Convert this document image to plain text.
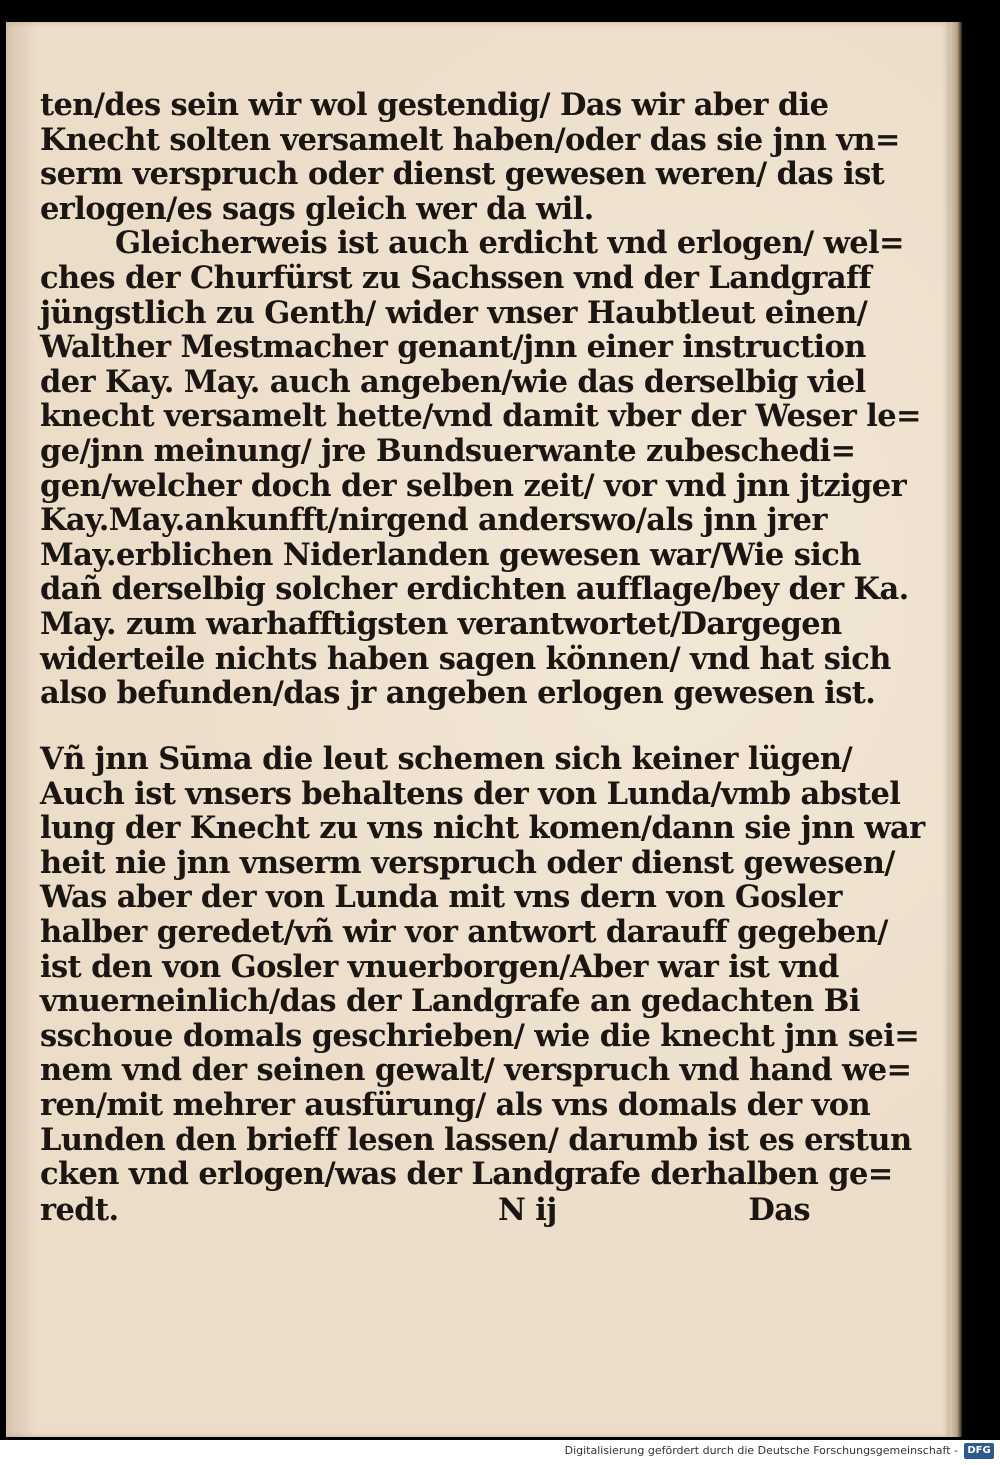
ten/des sein wir wol gestendig/ Das wir aber die
Knecht solten versamelt haben/oder das sie jnn vn=
serm verspruch oder dienst gewesen weren/ das ist
erlogen/es sags gleich wer da wil.
Gleicherweis ist auch erdicht vnd erlogen/ wel=
ches der Churfürst zu Sachssen vnd der Landgraff
jüngstlich zu Genth/ wider vnser Haubtleut einen/
Walther Mestmacher genant/jnn einer instruction
der Kay. May. auch angeben/wie das derselbig viel
knecht versamelt hette/vnd damit vber der Weser le=
ge/jnn meinung/ jre Bundsuerwante zubeschedi=
gen/welcher doch der selben zeit/ vor vnd jnn jtziger
Kay.May.ankunfft/nirgend anderswo/als jnn jrer
May.erblichen Niderlanden gewesen war/Wie sich
dañ derselbig solcher erdichten aufflage/bey der Ka.
May. zum warhafftigsten verantwortet/Dargegen
widerteile nichts haben sagen können/ vnd hat sich
also befunden/das jr angeben erlogen gewesen ist.
Vñ jnn Sūma die leut schemen sich keiner lügen/
Auch ist vnsers behaltens der von Lunda/vmb abstel
lung der Knecht zu vns nicht komen/dann sie jnn war
heit nie jnn vnserm verspruch oder dienst gewesen/
Was aber der von Lunda mit vns dern von Gosler
halber geredet/vñ wir vor antwort darauff gegeben/
ist den von Gosler vnuerborgen/Aber war ist vnd
vnuerneinlich/das der Landgrafe an gedachten Bi
sschoue domals geschrieben/ wie die knecht jnn sei=
nem vnd der seinen gewalt/ verspruch vnd hand we=
ren/mit mehrer ausfürung/ als vns domals der von
Lunden den brieff lesen lassen/ darumb ist es erstun
cken vnd erlogen/was der Landgrafe derhalben ge=
redt.	N ij	Das
Digitalisierung gefördert durch die Deutsche Forschungsgemeinschaft - DFG
